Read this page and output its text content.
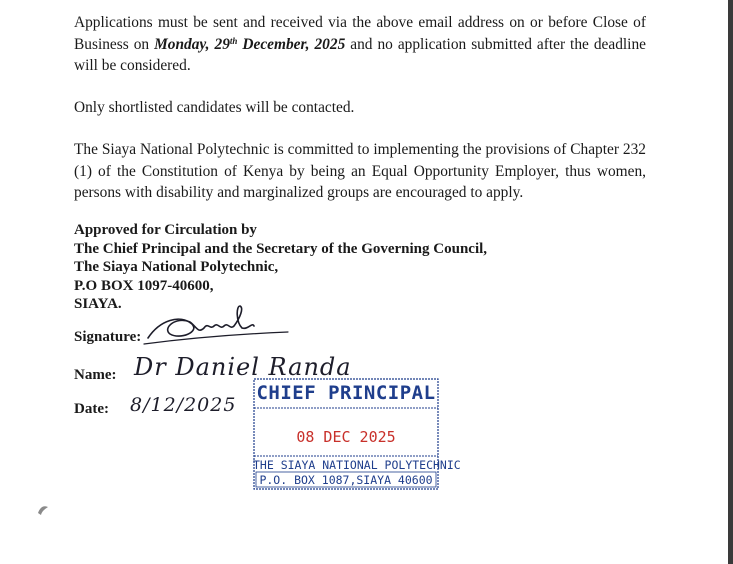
Applications must be sent and received via the above email address on or before Close of Business on Monday, 29th December, 2025 and no application submitted after the deadline will be considered.

Only shortlisted candidates will be contacted.

The Siaya National Polytechnic is committed to implementing the provisions of Chapter 232 (1) of the Constitution of Kenya by being an Equal Opportunity Employer, thus women, persons with disability and marginalized groups are encouraged to apply.

Approved for Circulation by
The Chief Principal and the Secretary of the Governing Council,
The Siaya National Polytechnic,
P.O BOX 1097-40600,
SIAYA.
Signature:
Name: Dr Daniel Randa
Date: 8/12/2025
CHIEF PRINCIPAL
08 DEC 2025
THE SIAYA NATIONAL POLYTECHNIC
P.O. BOX 1087,SIAYA 40600
